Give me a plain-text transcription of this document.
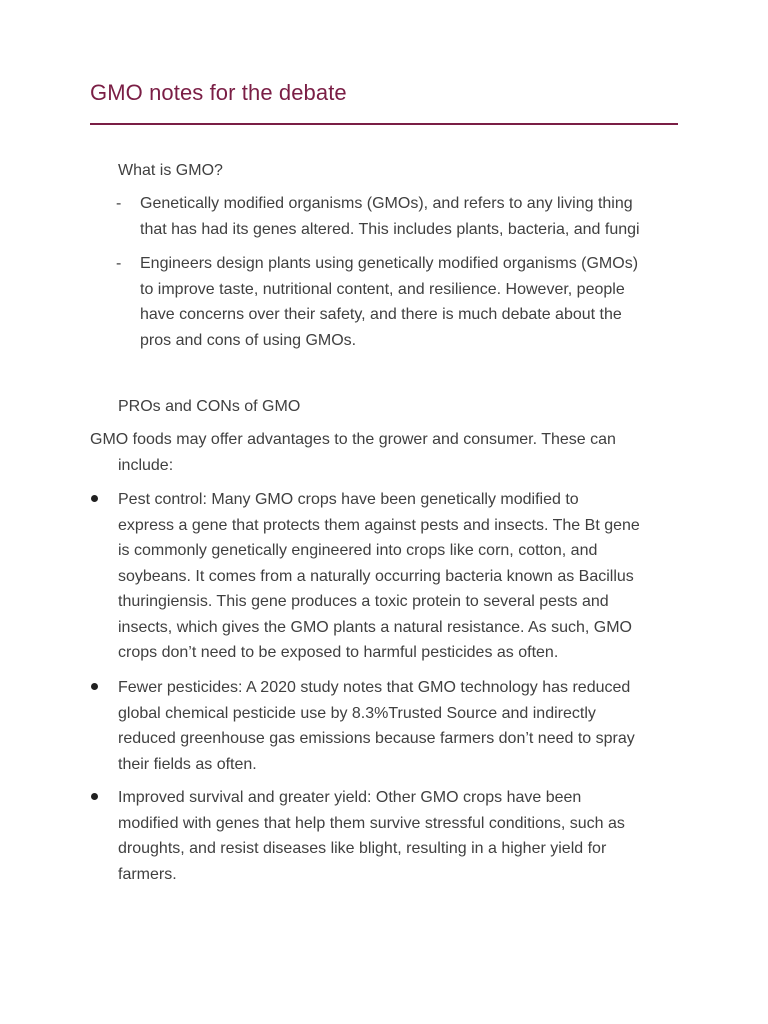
GMO notes for the debate
What is GMO?
- Genetically modified organisms (GMOs), and refers to any living thing
that has had its genes altered. This includes plants, bacteria, and fungi
- Engineers design plants using genetically modified organisms (GMOs)
to improve taste, nutritional content, and resilience. However, people
have concerns over their safety, and there is much debate about the
pros and cons of using GMOs.
PROs and CONs of GMO
GMO foods may offer advantages to the grower and consumer. These can
include:
Pest control: Many GMO crops have been genetically modified to
express a gene that protects them against pests and insects. The Bt gene
is commonly genetically engineered into crops like corn, cotton, and
soybeans. It comes from a naturally occurring bacteria known as Bacillus
thuringiensis. This gene produces a toxic protein to several pests and
insects, which gives the GMO plants a natural resistance. As such, GMO
crops don’t need to be exposed to harmful pesticides as often.
Fewer pesticides: A 2020 study notes that GMO technology has reduced
global chemical pesticide use by 8.3%Trusted Source and indirectly
reduced greenhouse gas emissions because farmers don’t need to spray
their fields as often.
Improved survival and greater yield: Other GMO crops have been
modified with genes that help them survive stressful conditions, such as
droughts, and resist diseases like blight, resulting in a higher yield for
farmers.
